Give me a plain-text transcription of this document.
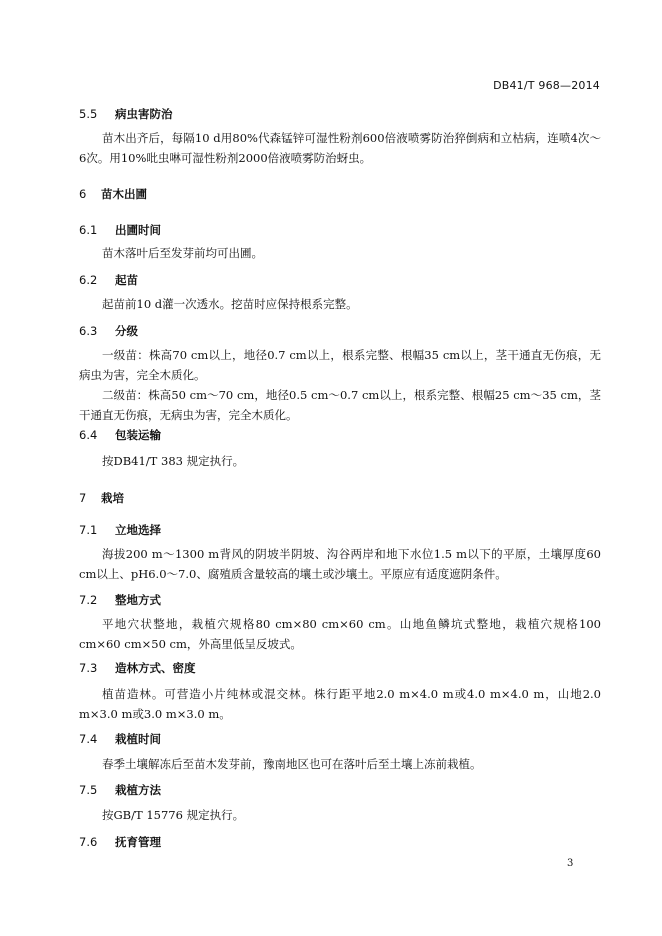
DB41/T 968—2014
5.5 病虫害防治
苗木出齐后，每隔10 d用80%代森锰锌可湿性粉剂600倍液喷雾防治猝倒病和立枯病，连喷4次～6次。用10%吡虫啉可湿性粉剂2000倍液喷雾防治蚜虫。
6 苗木出圃
6.1 出圃时间
苗木落叶后至发芽前均可出圃。
6.2 起苗
起苗前10 d灌一次透水。挖苗时应保持根系完整。
6.3 分级
一级苗：株高70 cm以上，地径0.7 cm以上，根系完整、根幅35 cm以上，茎干通直无伤痕，无病虫为害，完全木质化。
二级苗：株高50 cm～70 cm，地径0.5 cm～0.7 cm以上，根系完整、根幅25 cm～35 cm，茎干通直无伤痕，无病虫为害，完全木质化。
6.4 包装运输
按DB41/T 383 规定执行。
7 栽培
7.1 立地选择
海拔200 m～1300 m背风的阴坡半阴坡、沟谷两岸和地下水位1.5 m以下的平原，土壤厚度60 cm以上、pH6.0～7.0、腐殖质含量较高的壤土或沙壤土。平原应有适度遮阴条件。
7.2 整地方式
平地穴状整地，栽植穴规格80 cm×80 cm×60 cm。山地鱼鳞坑式整地，栽植穴规格100 cm×60 cm×50 cm，外高里低呈反坡式。
7.3 造林方式、密度
植苗造林。可营造小片纯林或混交林。株行距平地2.0 m×4.0 m或4.0 m×4.0 m，山地2.0 m×3.0 m或3.0 m×3.0 m。
7.4 栽植时间
春季土壤解冻后至苗木发芽前，豫南地区也可在落叶后至土壤上冻前栽植。
7.5 栽植方法
按GB/T 15776 规定执行。
7.6 抚育管理
3
